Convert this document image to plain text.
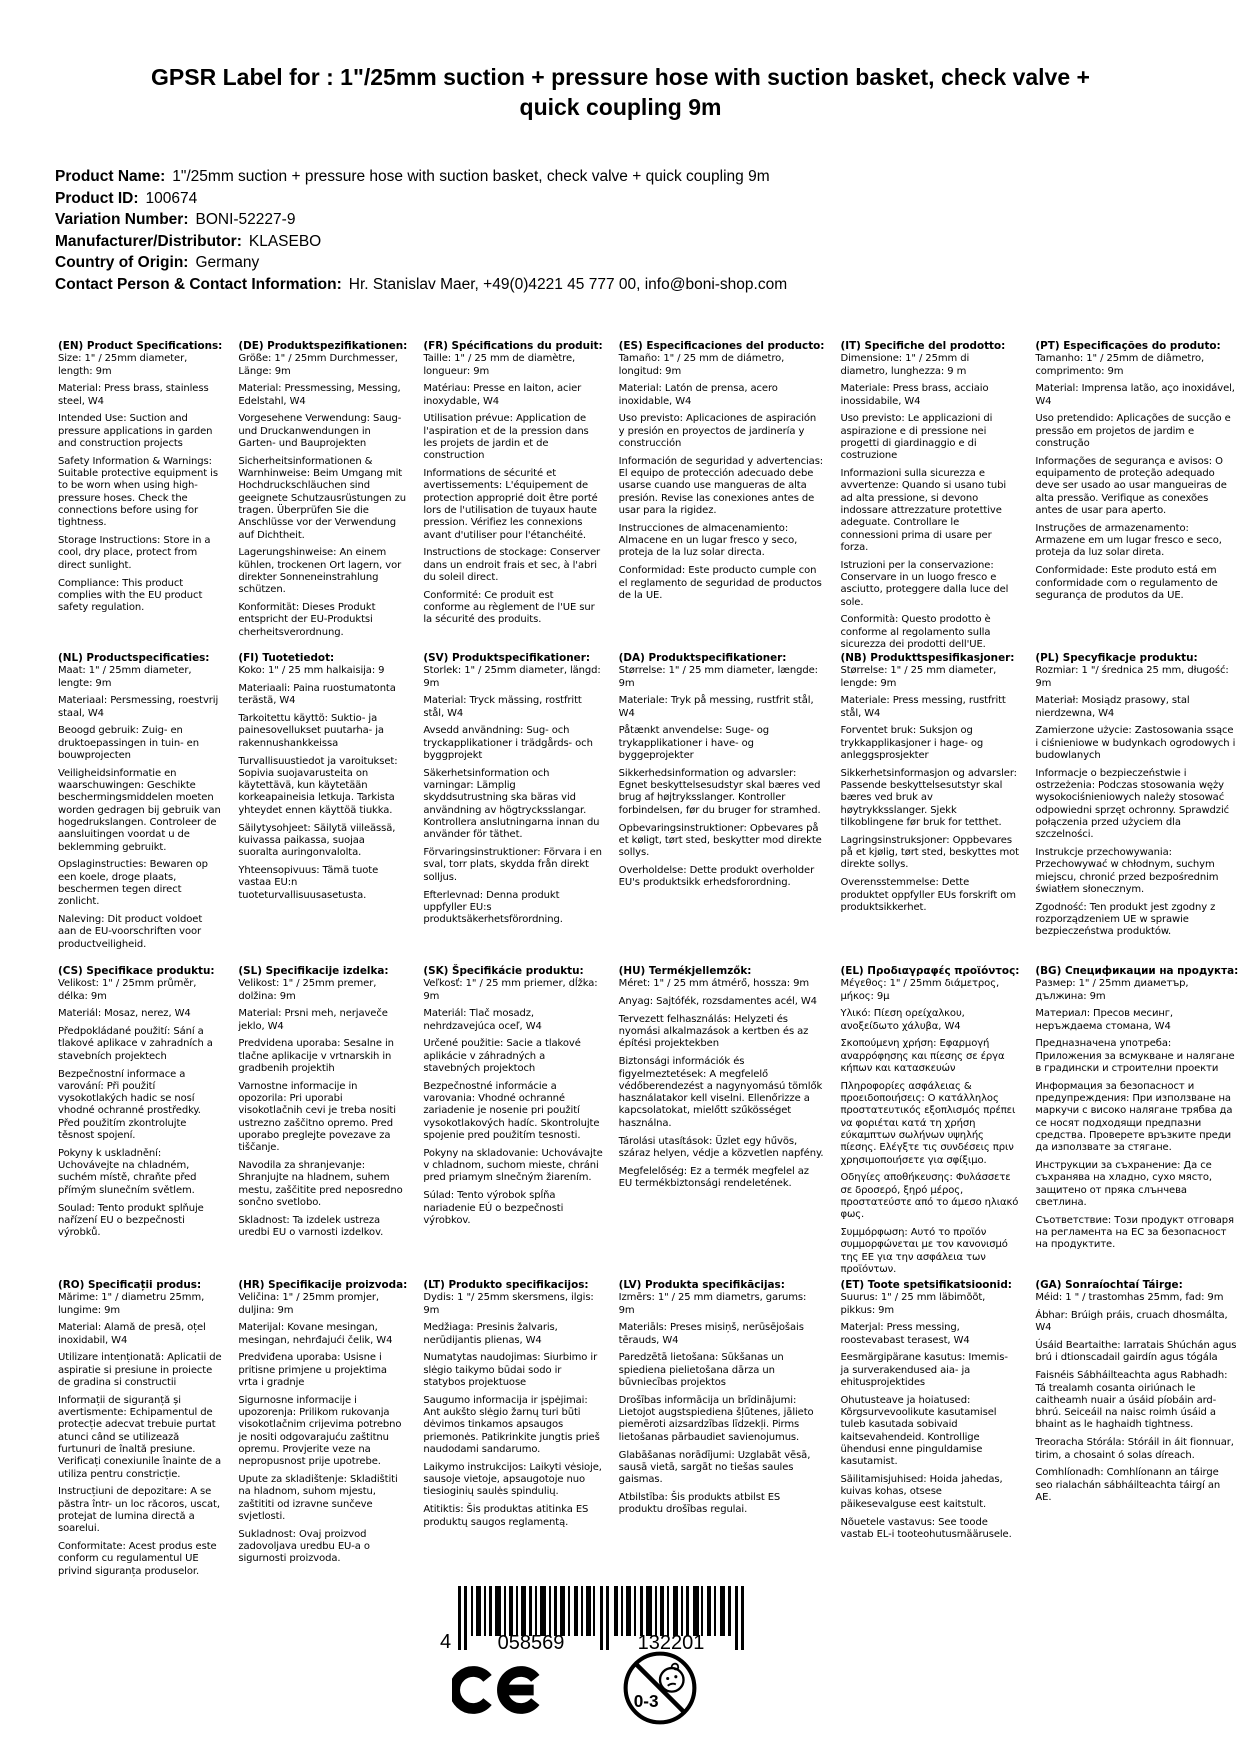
GPSR Label for : 1"/25mm suction + pressure hose with suction basket, check valve + quick coupling 9m
Product Name: 1"/25mm suction + pressure hose with suction basket, check valve + quick coupling 9m
Product ID: 100674
Variation Number: BONI-52227-9
Manufacturer/Distributor: KLASEBO
Country of Origin: Germany
Contact Person & Contact Information: Hr. Stanislav Maer, +49(0)4221 45 777 00, info@boni-shop.com
(EN) Product Specifications:

Size: 1" / 25mm diameter, length: 9m

Material: Press brass, stainless steel, W4

Intended Use: Suction and pressure applications in garden and construction projects

Safety Information & Warnings: Suitable protective equipment is to be worn when using high-pressure hoses. Check the connections before using for tightness.

Storage Instructions: Store in a cool, dry place, protect from direct sunlight.

Compliance: This product complies with the EU product safety regulation.

(DE) Produktspezifikationen:

Größe: 1" / 25mm Durchmesser, Länge: 9m

Material: Pressmessing, Messing, Edelstahl, W4

Vorgesehene Verwendung: Saug- und Druckanwendungen in Garten- und Bauprojekten

Sicherheitsinformationen & Warnhinweise: Beim Umgang mit Hochdruckschläuchen sind geeignete Schutzausrüstungen zu tragen. Überprüfen Sie die Anschlüsse vor der Verwendung auf Dichtheit.

Lagerungshinweise: An einem kühlen, trockenen Ort lagern, vor direkter Sonneneinstrahlung schützen.

Konformität: Dieses Produkt entspricht der EU-Produktsi cherheitsverordnung.

(FR) Spécifications du produit:

Taille: 1" / 25 mm de diamètre, longueur: 9m

Matériau: Presse en laiton, acier inoxydable, W4

Utilisation prévue: Application de l'aspiration et de la pression dans les projets de jardin et de construction

Informations de sécurité et avertissements: L'équipement de protection approprié doit être porté lors de l'utilisation de tuyaux haute pression. Vérifiez les connexions avant d'utiliser pour l'étanchéité.

Instructions de stockage: Conserver dans un endroit frais et sec, à l'abri du soleil direct.

Conformité: Ce produit est conforme au règlement de l'UE sur la sécurité des produits.

(ES) Especificaciones del producto:

Tamaño: 1" / 25 mm de diámetro, longitud: 9m

Material: Latón de prensa, acero inoxidable, W4

Uso previsto: Aplicaciones de aspiración y presión en proyectos de jardinería y construcción

Información de seguridad y advertencias: El equipo de protección adecuado debe usarse cuando use mangueras de alta presión. Revise las conexiones antes de usar para la rigidez.

Instrucciones de almacenamiento: Almacene en un lugar fresco y seco, proteja de la luz solar directa.

Conformidad: Este producto cumple con el reglamento de seguridad de productos de la UE.

(IT) Specifiche del prodotto:

Dimensione: 1" / 25mm di diametro, lunghezza: 9 m

Materiale: Press brass, acciaio inossidabile, W4

Uso previsto: Le applicazioni di aspirazione e di pressione nei progetti di giardinaggio e di costruzione

Informazioni sulla sicurezza e avvertenze: Quando si usano tubi ad alta pressione, si devono indossare attrezzature protettive adeguate. Controllare le connessioni prima di usare per forza.

Istruzioni per la conservazione: Conservare in un luogo fresco e asciutto, proteggere dalla luce del sole.

Conformità: Questo prodotto è conforme al regolamento sulla sicurezza dei prodotti dell'UE.

(PT) Especificações do produto:

Tamanho: 1" / 25mm de diâmetro, comprimento: 9m

Material: Imprensa latão, aço inoxidável, W4

Uso pretendido: Aplicações de sucção e pressão em projetos de jardim e construção

Informações de segurança e avisos: O equipamento de proteção adequado deve ser usado ao usar mangueiras de alta pressão. Verifique as conexões antes de usar para aperto.

Instruções de armazenamento: Armazene em um lugar fresco e seco, proteja da luz solar direta.

Conformidade: Este produto está em conformidade com o regulamento de segurança de produtos da UE.

(NL) Productspecificaties:

Maat: 1" / 25mm diameter, lengte: 9m

Materiaal: Persmessing, roestvrij staal, W4

Beoogd gebruik: Zuig- en druktoepassingen in tuin- en bouwprojecten

Veiligheidsinformatie en waarschuwingen: Geschikte beschermingsmiddelen moeten worden gedragen bij gebruik van hogedrukslangen. Controleer de aansluitingen voordat u de beklemming gebruikt.

Opslaginstructies: Bewaren op een koele, droge plaats, beschermen tegen direct zonlicht.

Naleving: Dit product voldoet aan de EU-voorschriften voor productveiligheid.

(FI) Tuotetiedot:

Koko: 1" / 25 mm halkaisija: 9

Materiaali: Paina ruostumatonta terästä, W4

Tarkoitettu käyttö: Suktio- ja painesovellukset puutarha- ja rakennushankkeissa

Turvallisuustiedot ja varoitukset: Sopivia suojavarusteita on käytettävä, kun käytetään korkeapaineisia letkuja. Tarkista yhteydet ennen käyttöä tiukka.

Säilytysohjeet: Säilytä viileässä, kuivassa paikassa, suojaa suoralta auringonvalolta.

Yhteensopivuus: Tämä tuote vastaa EU:n tuoteturvallisuusasetusta.

(SV) Produktspecifikationer:

Storlek: 1" / 25mm diameter, längd: 9m

Material: Tryck mässing, rostfritt stål, W4

Avsedd användning: Sug- och tryckapplikationer i trädgårds- och byggprojekt

Säkerhetsinformation och varningar: Lämplig skyddsutrustning ska bäras vid användning av högtrycksslangar. Kontrollera anslutningarna innan du använder för täthet.

Förvaringsinstruktioner: Förvara i en sval, torr plats, skydda från direkt solljus.

Efterlevnad: Denna produkt uppfyller EU:s produktsäkerhetsförordning.

(DA) Produktspecifikationer:

Størrelse: 1" / 25 mm diameter, længde: 9m

Materiale: Tryk på messing, rustfrit stål, W4

Påtænkt anvendelse: Suge- og trykapplikationer i have- og byggeprojekter

Sikkerhedsinformation og advarsler: Egnet beskyttelsesudstyr skal bæres ved brug af højtryksslanger. Kontroller forbindelsen, før du bruger for stramhed.

Opbevaringsinstruktioner: Opbevares på et køligt, tørt sted, beskytter mod direkte sollys.

Overholdelse: Dette produkt overholder EU's produktsikk erhedsforordning.

(NB) Produkttspesifikasjoner:

Størrelse: 1" / 25 mm diameter, lengde: 9m

Materiale: Press messing, rustfritt stål, W4

Forventet bruk: Suksjon og trykkapplikasjoner i hage- og anleggsprosjekter

Sikkerhetsinformasjon og advarsler: Passende beskyttelsesutstyr skal bæres ved bruk av høytrykksslanger. Sjekk tilkoblingene før bruk for tetthet.

Lagringsinstruksjoner: Oppbevares på et kjølig, tørt sted, beskyttes mot direkte sollys.

Overensstemmelse: Dette produktet oppfyller EUs forskrift om produktsikkerhet.

(PL) Specyfikacje produktu:

Rozmiar: 1 "/ średnica 25 mm, długość: 9m

Materiał: Mosiądz prasowy, stal nierdzewna, W4

Zamierzone użycie: Zastosowania ssące i ciśnieniowe w budynkach ogrodowych i budowlanych

Informacje o bezpieczeństwie i ostrzeżenia: Podczas stosowania węży wysokociśnieniowych należy stosować odpowiedni sprzęt ochronny. Sprawdzić połączenia przed użyciem dla szczelności.

Instrukcje przechowywania: Przechowywać w chłodnym, suchym miejscu, chronić przed bezpośrednim światłem słonecznym.

Zgodność: Ten produkt jest zgodny z rozporządzeniem UE w sprawie bezpieczeństwa produktów.

(CS) Specifikace produktu:

Velikost: 1" / 25mm průměr, délka: 9m

Materiál: Mosaz, nerez, W4

Předpokládané použití: Sání a tlakové aplikace v zahradních a stavebních projektech

Bezpečnostní informace a varování: Při použití vysokotlakých hadic se nosí vhodné ochranné prostředky. Před použitím zkontrolujte těsnost spojení.

Pokyny k uskladnění: Uchovávejte na chladném, suchém místě, chraňte před přímým slunečním světlem.

Soulad: Tento produkt splňuje nařízení EU o bezpečnosti výrobků.

(SL) Specifikacije izdelka:

Velikost: 1" / 25mm premer, dolžina: 9m

Material: Prsni meh, nerjaveče jeklo, W4

Predvidena uporaba: Sesalne in tlačne aplikacije v vrtnarskih in gradbenih projektih

Varnostne informacije in opozorila: Pri uporabi visokotlačnih cevi je treba nositi ustrezno zaščitno opremo. Pred uporabo preglejte povezave za tiščanje.

Navodila za shranjevanje: Shranjujte na hladnem, suhem mestu, zaščitite pred neposredno sončno svetlobo.

Skladnost: Ta izdelek ustreza uredbi EU o varnosti izdelkov.

(SK) Špecifikácie produktu:

Veľkosť: 1" / 25 mm priemer, dĺžka: 9m

Materiál: Tlač mosadz, nehrdzavejúca oceľ, W4

Určené použitie: Sacie a tlakové aplikácie v záhradných a stavebných projektoch

Bezpečnostné informácie a varovania: Vhodné ochranné zariadenie je nosenie pri použití vysokotlakových hadíc. Skontrolujte spojenie pred použitím tesnosti.

Pokyny na skladovanie: Uchovávajte v chladnom, suchom mieste, chráni pred priamym slnečným žiarením.

Súlad: Tento výrobok spĺňa nariadenie EÚ o bezpečnosti výrobkov.

(HU) Termékjellemzők:

Méret: 1" / 25 mm átmérő, hossza: 9m

Anyag: Sajtófék, rozsdamentes acél, W4

Tervezett felhasználás: Helyzeti és nyomási alkalmazások a kertben és az építési projektekben

Biztonsági információk és figyelmeztetések: A megfelelő védőberendezést a nagynyomású tömlők használatakor kell viselni. Ellenőrizze a kapcsolatokat, mielőtt szűkösséget használna.

Tárolási utasítások: Üzlet egy hűvös, száraz helyen, védje a közvetlen napfény.

Megfelelőség: Ez a termék megfelel az EU termékbiztonsági rendeletének.

(EL) Προδιαγραφές προϊόντος:

Μέγεθος: 1" / 25mm διάμετρος, μήκος: 9μ

Υλικό: Πίεση ορείχαλκου, ανοξείδωτο χάλυβα, W4

Σκοπούμενη χρήση: Εφαρμογή αναρρόφησης και πίεσης σε έργα κήπων και κατασκευών

Πληροφορίες ασφάλειας & προειδοποιήσεις: Ο κατάλληλος προστατευτικός εξοπλισμός πρέπει να φοριέται κατά τη χρήση εύκαμπτων σωλήνων υψηλής πίεσης. Ελέγξτε τις συνδέσεις πριν χρησιμοποιήσετε για σφίξιμο.

Οδηγίες αποθήκευσης: Φυλάσσετε σε δροσερό, ξηρό μέρος, προστατεύστε από το άμεσο ηλιακό φως.

Συμμόρφωση: Αυτό το προϊόν συμμορφώνεται με τον κανονισμό της ΕΕ για την ασφάλεια των προϊόντων.

(BG) Спецификации на продукта:

Размер: 1" / 25mm диаметър, дължина: 9m

Материал: Пресов месинг, неръждаема стомана, W4

Предназначена употреба: Приложения за всмукване и налягане в градински и строителни проекти

Информация за безопасност и предупреждения: При използване на маркучи с високо налягане трябва да се носят подходящи предпазни средства. Проверете връзките преди да използвате за стягане.

Инструкции за съхранение: Да се съхранява на хладно, сухо място, защитено от пряка слънчева светлина.

Съответствие: Този продукт отговаря на регламента на ЕС за безопасност на продуктите.

(RO) Specificații produs:

Mărime: 1" / diametru 25mm, lungime: 9m

Material: Alamă de presă, oțel inoxidabil, W4

Utilizare intenționată: Aplicatii de aspiratie si presiune in proiecte de gradina si constructii

Informații de siguranță și avertismente: Echipamentul de protecție adecvat trebuie purtat atunci când se utilizează furtunuri de înaltă presiune. Verificați conexiunile înainte de a utiliza pentru constricție.

Instrucțiuni de depozitare: A se păstra într- un loc răcoros, uscat, protejat de lumina directă a soarelui.

Conformitate: Acest produs este conform cu regulamentul UE privind siguranța produselor.

(HR) Specifikacije proizvoda:

Veličina: 1" / 25mm promjer, duljina: 9m

Materijal: Kovane mesingan, mesingan, nehrđajući čelik, W4

Predviđena uporaba: Usisne i pritisne primjene u projektima vrta i gradnje

Sigurnosne informacije i upozorenja: Prilikom rukovanja visokotlačnim crijevima potrebno je nositi odgovarajuću zaštitnu opremu. Provjerite veze na nepropusnost prije upotrebe.

Upute za skladištenje: Skladištiti na hladnom, suhom mjestu, zaštititi od izravne sunčeve svjetlosti.

Sukladnost: Ovaj proizvod zadovoljava uredbu EU-a o sigurnosti proizvoda.

(LT) Produkto specifikacijos:

Dydis: 1 "/ 25mm skersmens, ilgis: 9m

Medžiaga: Presinis žalvaris, nerūdijantis plienas, W4

Numatytas naudojimas: Siurbimo ir slėgio taikymo būdai sodo ir statybos projektuose

Saugumo informacija ir įspėjimai: Ant aukšto slėgio žarnų turi būti dėvimos tinkamos apsaugos priemonės. Patikrinkite jungtis prieš naudodami sandarumo.

Laikymo instrukcijos: Laikyti vėsioje, sausoje vietoje, apsaugotoje nuo tiesioginių saulės spindulių.

Atitiktis: Šis produktas atitinka ES produktų saugos reglamentą.

(LV) Produkta specifikācijas:

Izmērs: 1" / 25 mm diametrs, garums: 9m

Materiāls: Preses misiņš, nerūsējošais tērauds, W4

Paredzētā lietošana: Sūkšanas un spiediena pielietošana dārza un būvniecības projektos

Drošības informācija un brīdinājumi: Lietojot augstspiediena šļūtenes, jālieto piemēroti aizsardzības līdzekļi. Pirms lietošanas pārbaudiet savienojumus.

Glabāšanas norādījumi: Uzglabāt vēsā, sausā vietā, sargāt no tiešas saules gaismas.

Atbilstība: Šis produkts atbilst ES produktu drošības regulai.

(ET) Toote spetsifikatsioonid:

Suurus: 1" / 25 mm läbimõõt, pikkus: 9m

Materjal: Press messing, roostevabast terasest, W4

Eesmärgipärane kasutus: Imemis- ja surverakendused aia- ja ehitusprojektides

Ohutusteave ja hoiatused: Kõrgsurvevoolikute kasutamisel tuleb kasutada sobivaid kaitsevahendeid. Kontrollige ühendusi enne pinguldamise kasutamist.

Säilitamisjuhised: Hoida jahedas, kuivas kohas, otsese päikesevalguse eest kaitstult.

Nõuetele vastavus: See toode vastab EL-i tooteohutusmäärusele.

(GA) Sonraíochtaí Táirge:

Méid: 1 " / trastomhas 25mm, fad: 9m

Ábhar: Brúigh práis, cruach dhosmálta, W4

Úsáid Beartaithe: Iarratais Shúchán agus brú i dtionscadail gairdín agus tógála

Faisnéis Sábháilteachta agus Rabhadh: Tá trealamh cosanta oiriúnach le caitheamh nuair a úsáid píobáin ard-bhrú. Seiceáil na naisc roimh úsáid a bhaint as le haghaidh tightness.

Treoracha Stórála: Stóráil in áit fionnuar, tirim, a chosaint ó solas díreach.

Comhlíonadh: Comhlíonann an táirge seo rialachán sábháilteachta táirgí an AE.

4 058569	132201
0-3
